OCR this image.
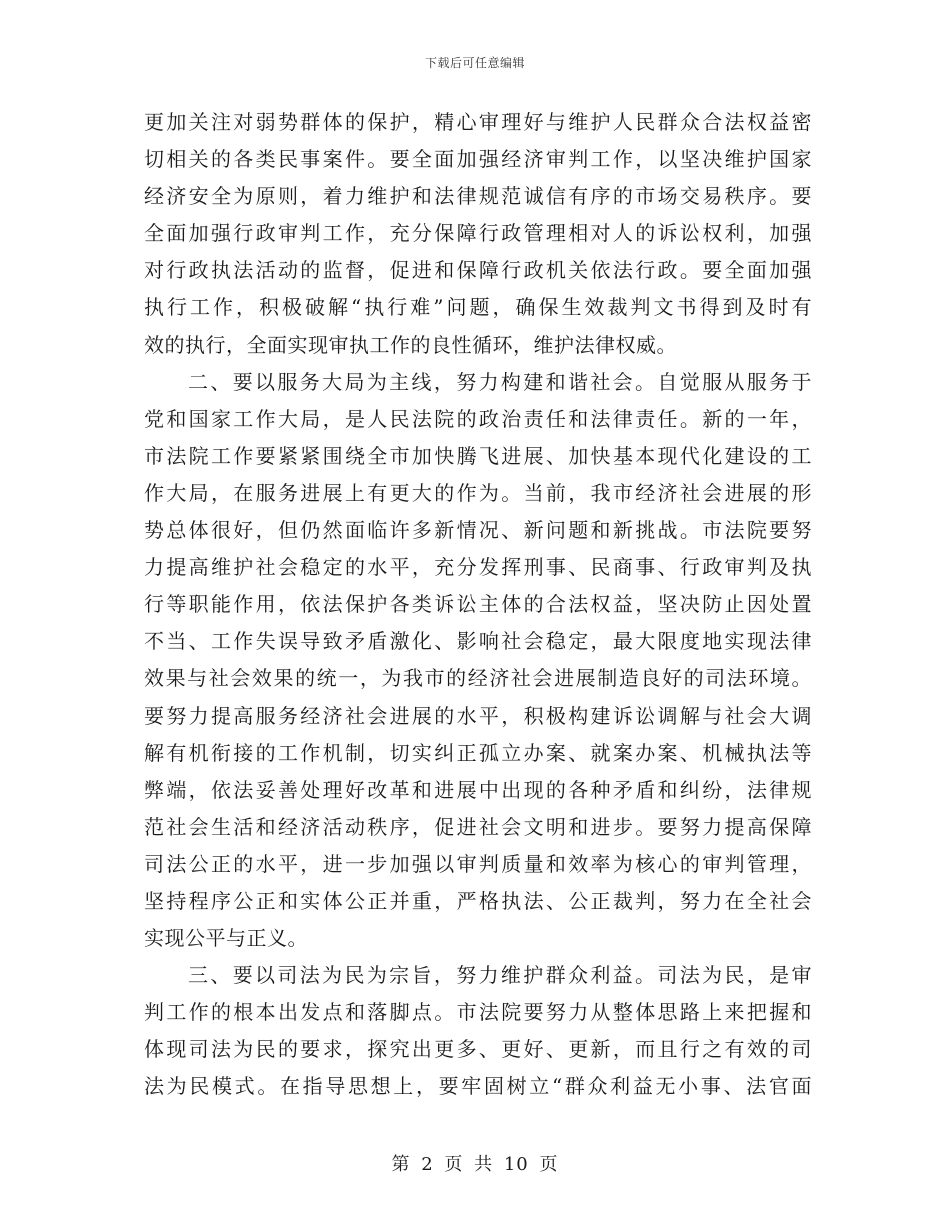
下载后可任意编辑
更加关注对弱势群体的保护，精心审理好与维护人民群众合法权益密
切相关的各类民事案件。要全面加强经济审判工作，以坚决维护国家
经济安全为原则，着力维护和法律规范诚信有序的市场交易秩序。要
全面加强行政审判工作，充分保障行政管理相对人的诉讼权利，加强
对行政执法活动的监督，促进和保障行政机关依法行政。要全面加强
执行工作，积极破解“执行难”问题，确保生效裁判文书得到及时有
效的执行，全面实现审执工作的良性循环，维护法律权威。
二、要以服务大局为主线，努力构建和谐社会。自觉服从服务于
党和国家工作大局，是人民法院的政治责任和法律责任。新的一年，
市法院工作要紧紧围绕全市加快腾飞进展、加快基本现代化建设的工
作大局，在服务进展上有更大的作为。当前，我市经济社会进展的形
势总体很好，但仍然面临许多新情况、新问题和新挑战。市法院要努
力提高维护社会稳定的水平，充分发挥刑事、民商事、行政审判及执
行等职能作用，依法保护各类诉讼主体的合法权益，坚决防止因处置
不当、工作失误导致矛盾激化、影响社会稳定，最大限度地实现法律
效果与社会效果的统一，为我市的经济社会进展制造良好的司法环境。
要努力提高服务经济社会进展的水平，积极构建诉讼调解与社会大调
解有机衔接的工作机制，切实纠正孤立办案、就案办案、机械执法等
弊端，依法妥善处理好改革和进展中出现的各种矛盾和纠纷，法律规
范社会生活和经济活动秩序，促进社会文明和进步。要努力提高保障
司法公正的水平，进一步加强以审判质量和效率为核心的审判管理，
坚持程序公正和实体公正并重，严格执法、公正裁判，努力在全社会
实现公平与正义。
三、要以司法为民为宗旨，努力维护群众利益。司法为民，是审
判工作的根本出发点和落脚点。市法院要努力从整体思路上来把握和
体现司法为民的要求，探究出更多、更好、更新，而且行之有效的司
法为民模式。在指导思想上，要牢固树立“群众利益无小事、法官面
第 2 页 共 10 页
